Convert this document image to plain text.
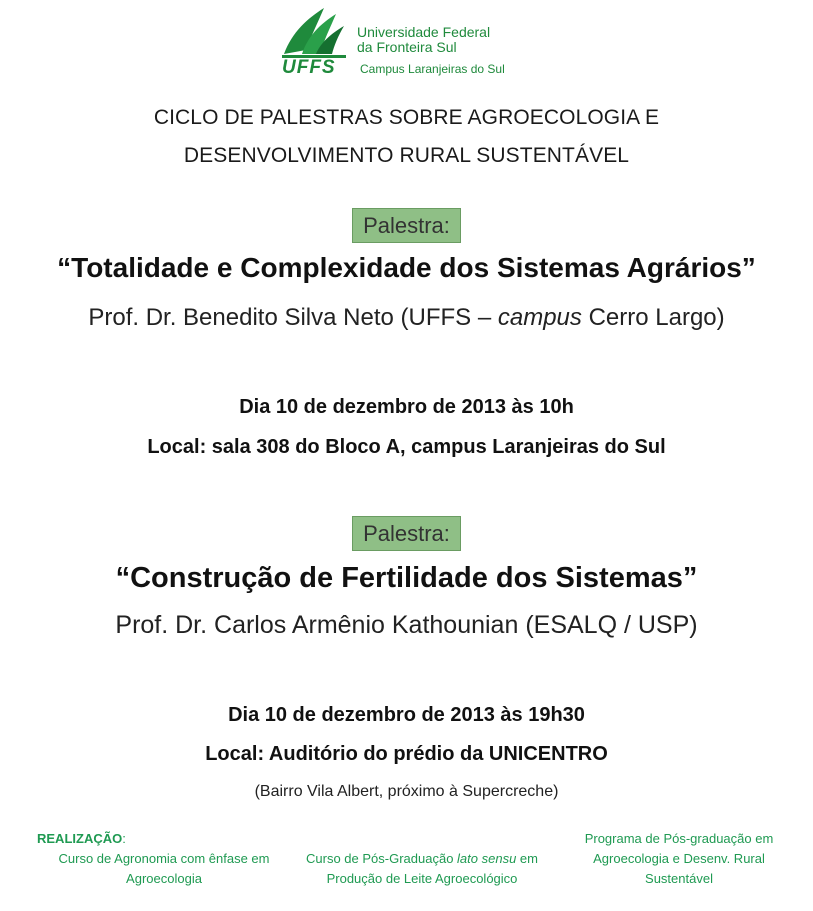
UFFS
Universidade Federal
da Fronteira Sul
Campus Laranjeiras do Sul
CICLO DE PALESTRAS SOBRE AGROECOLOGIA E
DESENVOLVIMENTO RURAL SUSTENTÁVEL
Palestra:
“Totalidade e Complexidade dos Sistemas Agrários”
Prof. Dr. Benedito Silva Neto (UFFS – campus Cerro Largo)
Dia 10 de dezembro de 2013 às 10h
Local: sala 308 do Bloco A, campus Laranjeiras do Sul
Palestra:
“Construção de Fertilidade dos Sistemas”
Prof. Dr. Carlos Armênio Kathounian (ESALQ / USP)
Dia 10 de dezembro de 2013 às 19h30
Local: Auditório do prédio da UNICENTRO
(Bairro Vila Albert, próximo à Supercreche)
REALIZAÇÃO:
Curso de Agronomia com ênfase em
Agroecologia
Curso de Pós-Graduação lato sensu em
Produção de Leite Agroecológico
Programa de Pós-graduação em
Agroecologia e Desenv. Rural
Sustentável
